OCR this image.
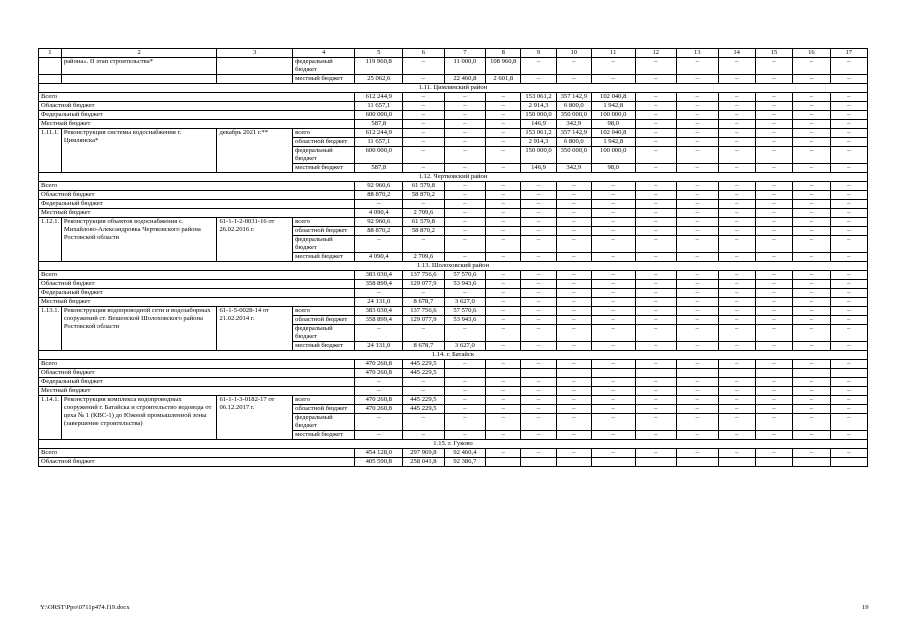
1	2	3	4	5	6	7	8	9	10	11	12	13	14	15	16	17
	района». II этап строительства*		федеральный бюджет	119 960,8	–	11 000,0	108 960,8	–	–	–	–	–	–	–	–	–
			местный бюджет	25 062,6	–	22 460,8	2 601,8	–	–	–	–	–	–	–	–	–
1.11. Цимлянский район																
Всего				612 244,9	–	–	–	153 061,2	357 142,9	102 040,8	–	–	–	–	–	–
Областной бюджет				11 657,1	–	–	–	2 914,3	6 800,0	1 942,8	–	–	–	–	–	–
Федеральный бюджет				600 000,0	–	–	–	150 000,0	350 000,0	100 000,0	–	–	–	–	–	–
Местный бюджет				587,8	–	–	–	146,9	342,9	98,0	–	–	–	–	–	–
1.11.1.	Реконструкция системы водоснабжения г. Цимлянска*	декабрь 2021 г.**	всего	612 244,9	–	–	–	153 061,2	357 142,9	102 040,8	–	–	–	–	–	–
			областной бюджет	11 657,1	–	–	–	2 914,3	6 800,0	1 942,8	–	–	–	–	–	–
			федеральный бюджет	600 000,0	–	–	–	150 000,0	350 000,0	100 000,0	–	–	–	–	–	–
			местный бюджет	587,8	–	–	–	146,9	342,9	98,0	–	–	–	–	–	–
1.12. Чертковский район																
Всего				92 960,6	61 579,8	–	–	–	–	–	–	–	–	–	–	–
Областной бюджет				88 870,2	58 870,2	–	–	–	–	–	–	–	–	–	–	–
Федеральный бюджет				–	–	–	–	–	–	–	–	–	–	–	–	–
Местный бюджет				4 090,4	2 709,6	–	–	–	–	–	–	–	–	–	–	–
1.12.1.	Реконструкция объектов водоснабжения с. Михайлово-Александровка Чертковского района Ростовской области	61-1-1-2-0031-16 от 26.02.2016 г.	всего	92 960,6	61 579,8	–	–	–	–	–	–	–	–	–	–	–
			областной бюджет	88 870,2	58 870,2	–	–	–	–	–	–	–	–	–	–	–
			федеральный бюджет	–	–	–	–	–	–	–	–	–	–	–	–	–
			местный бюджет	4 090,4	2 709,6	–	–	–	–	–	–	–	–	–	–	–
1.13. Шолоховский район																
Всего				383 030,4	137 756,6	57 570,6	–	–	–	–	–	–	–	–	–	–
Областной бюджет				358 899,4	129 077,9	53 943,6	–	–	–	–	–	–	–	–	–	–
Федеральный бюджет				–	–	–	–	–	–	–	–	–	–	–	–	–
Местный бюджет				24 131,0	8 678,7	3 627,0	–	–	–	–	–	–	–	–	–	–
1.13.1.	Реконструкция водопроводной сети и водозаборных сооружений ст. Вешенской Шолоховского района Ростовской области	61-1-5-0028-14 от 21.02.2014 г.	всего	383 030,4	137 756,6	57 570,6	–	–	–	–	–	–	–	–	–	–
			областной бюджет	358 899,4	129 077,9	53 943,6	–	–	–	–	–	–	–	–	–	–
			федеральный бюджет	–	–	–	–	–	–	–	–	–	–	–	–	–
			местный бюджет	24 131,0	8 678,7	3 627,0	–	–	–	–	–	–	–	–	–	–
1.14. г. Батайск																
Всего				470 260,8	445 229,5	–	–	–	–	–	–	–	–	–	–	–
Областной бюджет				470 260,8	445 229,5											
Федеральный бюджет				–	–	–	–	–	–	–	–	–	–	–	–	–
Местный бюджет				–	–	–	–	–	–	–	–	–	–	–	–	–
1.14.1.	Реконструкция комплекса водопроводных сооружений г. Батайска и строительство водовода от цеха № 1 (КВС-1) до Южной промышленной зоны (завершение строительства)	61-1-1-3-0182-17 от 06.12.2017 г.	всего	470 260,8	445 229,5	–	–	–	–	–	–	–	–	–	–	–
			областной бюджет	470 260,8	445 229,5	–	–	–	–	–	–	–	–	–	–	–
			федеральный бюджет	–	–	–	–	–	–	–	–	–	–	–	–	–
			местный бюджет	–	–	–	–	–	–	–	–	–	–	–	–	–
1.15. г. Гуково																
Всего				454 128,0	297 969,8	92 460,4	–	–	–	–	–	–	–	–	–	–
Областной бюджет				405 590,8	258 041,8	92 386,7										
Y:\ORST\Ppo\0711p474.f19.docx	19
